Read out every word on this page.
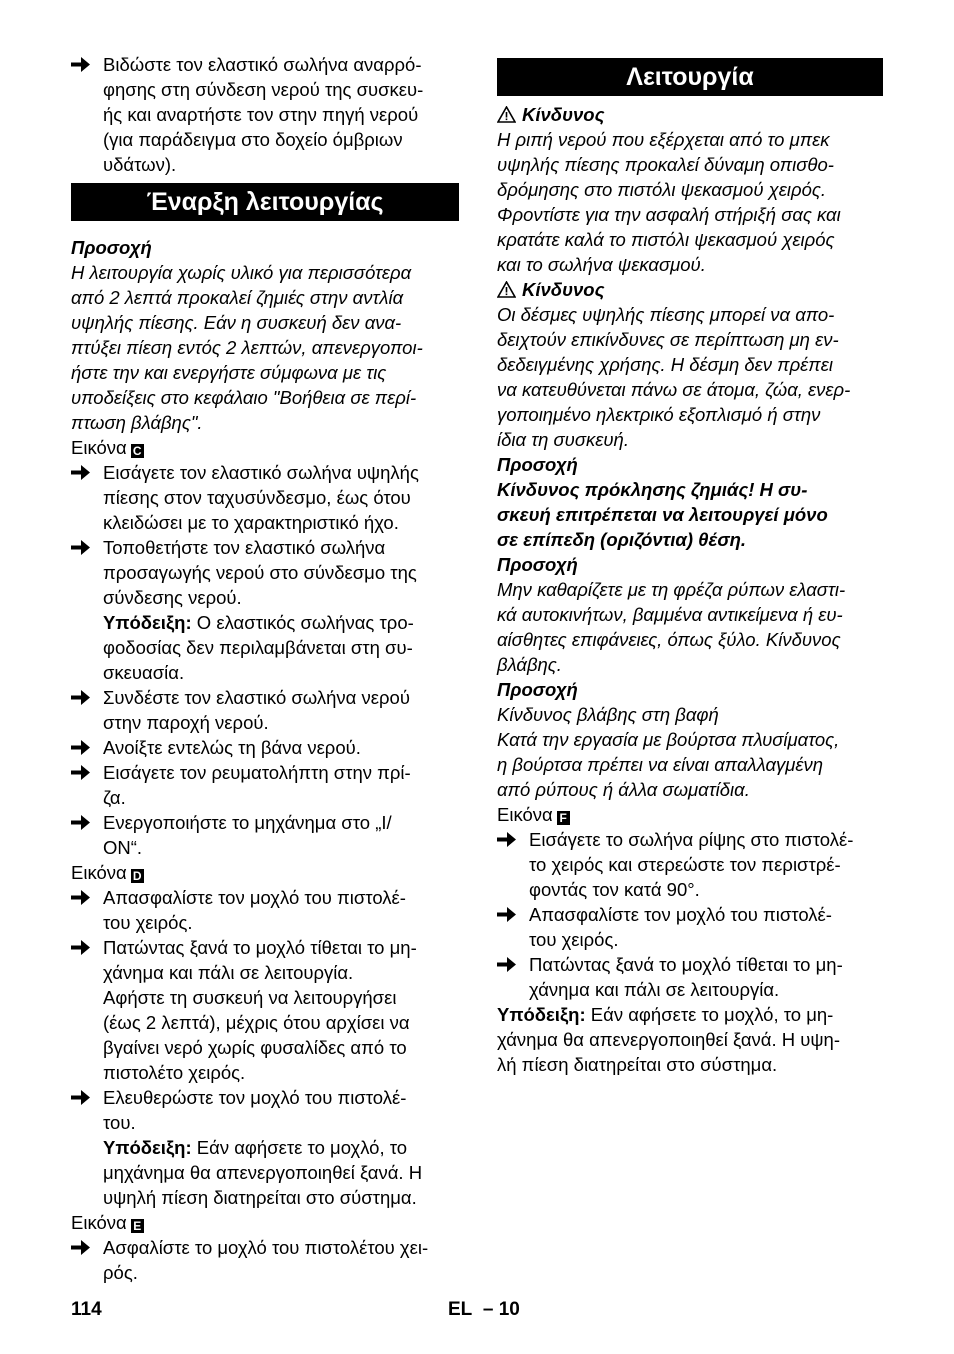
Βιδώστε τον ελαστικό σωλήνα αναρρό-
φησης στη σύνδεση νερού της συσκευ-
ής και αναρτήστε τον στην πηγή νερού
(για παράδειγμα στο δοχείο όμβριων
υδάτων).
Έναρξη λειτουργίας
Προσοχή
Η λειτουργία χωρίς υλικό για περισσότερα
από 2 λεπτά προκαλεί ζημιές στην αντλία
υψηλής πίεσης. Εάν η συσκευή δεν ανα-
πτύξει πίεση εντός 2 λεπτών, απενεργοποι-
ήστε την και ενεργήστε σύμφωνα με τις
υποδείξεις στο κεφάλαιο "Βοήθεια σε περί-
πτωση βλάβης".
Εικόνα C
Εισάγετε τον ελαστικό σωλήνα υψηλής
πίεσης στον ταχυσύνδεσμο, έως ότου
κλειδώσει με το χαρακτηριστικό ήχο.
Τοποθετήστε τον ελαστικό σωλήνα
προσαγωγής νερού στο σύνδεσμο της
σύνδεσης νερού.
Υπόδειξη: Ο ελαστικός σωλήνας τρο-
φοδοσίας δεν περιλαμβάνεται στη συ-
σκευασία.
Συνδέστε τον ελαστικό σωλήνα νερού
στην παροχή νερού.
Ανοίξτε εντελώς τη βάνα νερού.
Εισάγετε τον ρευματολήπτη στην πρί-
ζα.
Ενεργοποιήστε το μηχάνημα στο „I/
ON“.
Εικόνα D
Απασφαλίστε τον μοχλό του πιστολέ-
του χειρός.
Πατώντας ξανά το μοχλό τίθεται το μη-
χάνημα και πάλι σε λειτουργία.
Αφήστε τη συσκευή να λειτουργήσει
(έως 2 λεπτά), μέχρις ότου αρχίσει να
βγαίνει νερό χωρίς φυσαλίδες από το
πιστολέτο χειρός.
Ελευθερώστε τον μοχλό του πιστολέ-
του.
Υπόδειξη: Εάν αφήσετε το μοχλό, το
μηχάνημα θα απενεργοποιηθεί ξανά. Η
υψηλή πίεση διατηρείται στο σύστημα.
Εικόνα E
Ασφαλίστε το μοχλό του πιστολέτου χει-
ρός.
Λειτουργία
Κίνδυνος
Η ριπή νερού που εξέρχεται από το μπεκ
υψηλής πίεσης προκαλεί δύναμη οπισθο-
δρόμησης στο πιστόλι ψεκασμού χειρός.
Φροντίστε για την ασφαλή στήριξή σας και
κρατάτε καλά το πιστόλι ψεκασμού χειρός
και το σωλήνα ψεκασμού.
Κίνδυνος
Οι δέσμες υψηλής πίεσης μπορεί να απο-
δειχτούν επικίνδυνες σε περίπτωση μη εν-
δεδειγμένης χρήσης. Η δέσμη δεν πρέπει
να κατευθύνεται πάνω σε άτομα, ζώα, ενερ-
γοποιημένο ηλεκτρικό εξοπλισμό ή στην
ίδια τη συσκευή.
Προσοχή
Κίνδυνος πρόκλησης ζημιάς! Η συ-
σκευή επιτρέπεται να λειτουργεί μόνο
σε επίπεδη (οριζόντια) θέση.
Προσοχή
Μην καθαρίζετε με τη φρέζα ρύπων ελαστι-
κά αυτοκινήτων, βαμμένα αντικείμενα ή ευ-
αίσθητες επιφάνειες, όπως ξύλο. Κίνδυνος
βλάβης.
Προσοχή
Κίνδυνος βλάβης στη βαφή
Κατά την εργασία με βούρτσα πλυσίματος,
η βούρτσα πρέπει να είναι απαλλαγμένη
από ρύπους ή άλλα σωματίδια.
Εικόνα F
Εισάγετε το σωλήνα ρίψης στο πιστολέ-
το χειρός και στερεώστε τον περιστρέ-
φοντάς τον κατά 90°.
Απασφαλίστε τον μοχλό του πιστολέ-
του χειρός.
Πατώντας ξανά το μοχλό τίθεται το μη-
χάνημα και πάλι σε λειτουργία.
Υπόδειξη: Εάν αφήσετε το μοχλό, το μη-
χάνημα θα απενεργοποιηθεί ξανά. Η υψη-
λή πίεση διατηρείται στο σύστημα.
114	EL – 10
